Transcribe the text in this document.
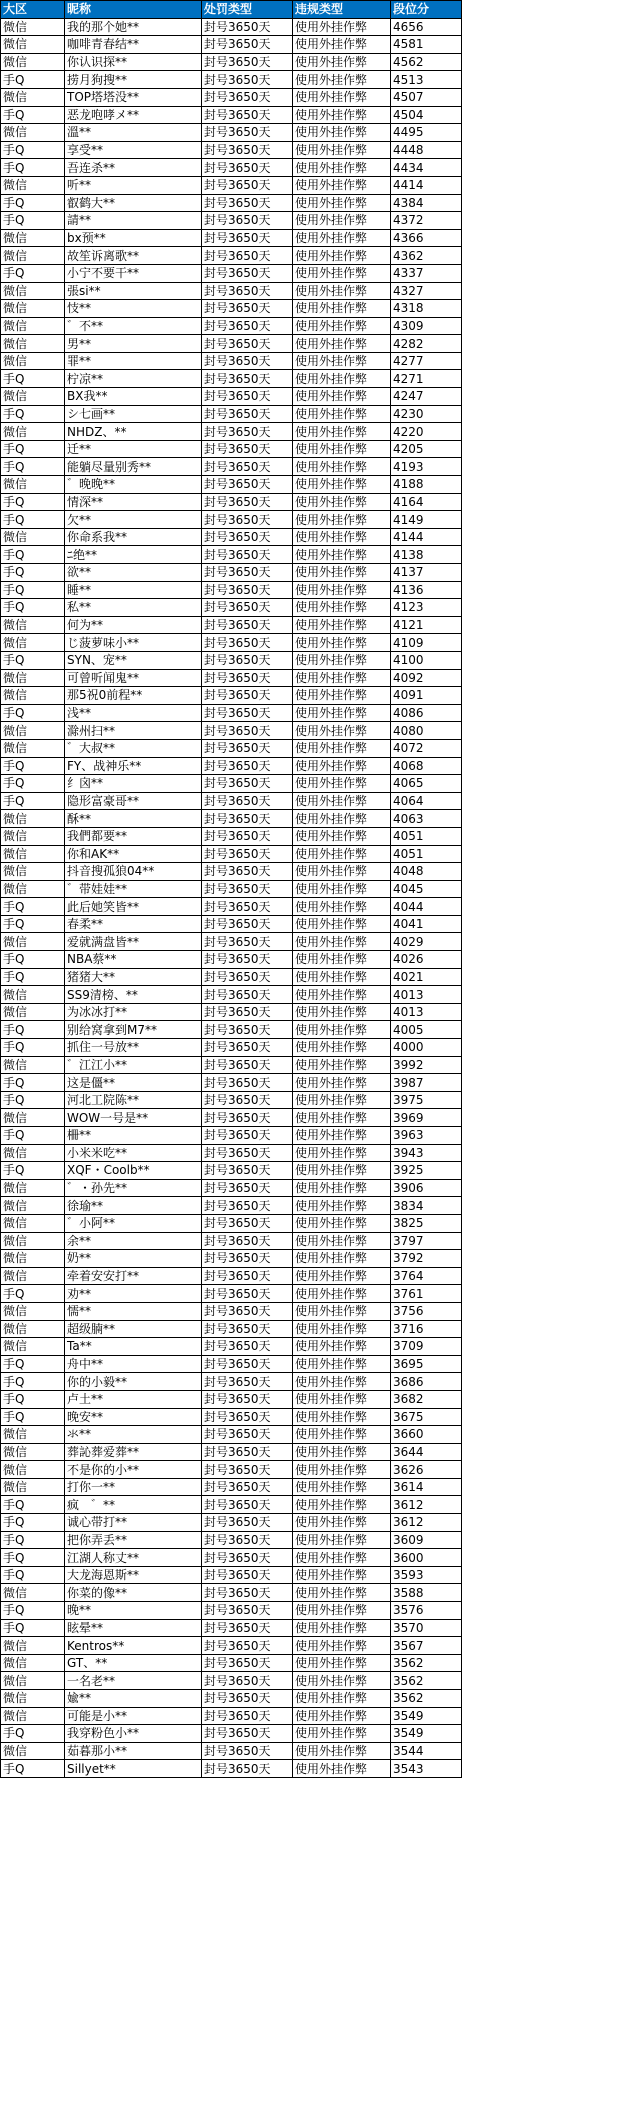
大区	昵称	处罚类型	违规类型	段位分
微信	我的那个她**	封号3650天	使用外挂作弊	4656
微信	咖啡青春结**	封号3650天	使用外挂作弊	4581
微信	你认识探**	封号3650天	使用外挂作弊	4562
手Q	捞月狗搜**	封号3650天	使用外挂作弊	4513
微信	TOP塔塔没**	封号3650天	使用外挂作弊	4507
手Q	恶龙咆哮メ**	封号3650天	使用外挂作弊	4504
微信	溫**	封号3650天	使用外挂作弊	4495
手Q	享受**	封号3650天	使用外挂作弊	4448
手Q	吾连杀**	封号3650天	使用外挂作弊	4434
微信	听**	封号3650天	使用外挂作弊	4414
手Q	叡鹤大**	封号3650天	使用外挂作弊	4384
手Q	請**	封号3650天	使用外挂作弊	4372
微信	bx预**	封号3650天	使用外挂作弊	4366
微信	故笙诉离歌**	封号3650天	使用外挂作弊	4362
手Q	小宁不要干**	封号3650天	使用外挂作弊	4337
微信	張si**	封号3650天	使用外挂作弊	4327
微信	忮**	封号3650天	使用外挂作弊	4318
微信	゛不**	封号3650天	使用外挂作弊	4309
微信	男**	封号3650天	使用外挂作弊	4282
微信	罪**	封号3650天	使用外挂作弊	4277
手Q	柠凉**	封号3650天	使用外挂作弊	4271
微信	BX我**	封号3650天	使用外挂作弊	4247
手Q	シ七画**	封号3650天	使用外挂作弊	4230
微信	NHDZ、**	封号3650天	使用外挂作弊	4220
手Q	迁**	封号3650天	使用外挂作弊	4205
手Q	能躺尽量别秀**	封号3650天	使用外挂作弊	4193
微信	゛晚晚**	封号3650天	使用外挂作弊	4188
手Q	情深**	封号3650天	使用外挂作弊	4164
手Q	欠**	封号3650天	使用外挂作弊	4149
微信	你命系我**	封号3650天	使用外挂作弊	4144
手Q	ﾆ绝**	封号3650天	使用外挂作弊	4138
手Q	欲**	封号3650天	使用外挂作弊	4137
手Q	睡**	封号3650天	使用外挂作弊	4136
手Q	私**	封号3650天	使用外挂作弊	4123
微信	何为**	封号3650天	使用外挂作弊	4121
微信	じ菠萝味小**	封号3650天	使用外挂作弊	4109
手Q	SYN、宠**	封号3650天	使用外挂作弊	4100
微信	可曾听闻鬼**	封号3650天	使用外挂作弊	4092
微信	那5祝0前程**	封号3650天	使用外挂作弊	4091
手Q	浅**	封号3650天	使用外挂作弊	4086
微信	滁州扫**	封号3650天	使用外挂作弊	4080
微信	゛大叔**	封号3650天	使用外挂作弊	4072
手Q	FY、战神乐**	封号3650天	使用外挂作弊	4068
手Q	纟囟**	封号3650天	使用外挂作弊	4065
手Q	隐形富豪哥**	封号3650天	使用外挂作弊	4064
微信	酥**	封号3650天	使用外挂作弊	4063
微信	我們都要**	封号3650天	使用外挂作弊	4051
微信	你和AK**	封号3650天	使用外挂作弊	4051
微信	抖音搜孤狼04**	封号3650天	使用外挂作弊	4048
微信	゛带娃娃**	封号3650天	使用外挂作弊	4045
手Q	此后她笑皆**	封号3650天	使用外挂作弊	4044
手Q	春柔**	封号3650天	使用外挂作弊	4041
微信	爱就满盘皆**	封号3650天	使用外挂作弊	4029
手Q	NBA蔡**	封号3650天	使用外挂作弊	4026
手Q	猪猪大**	封号3650天	使用外挂作弊	4021
微信	SS9清榜、**	封号3650天	使用外挂作弊	4013
微信	为冰冰打**	封号3650天	使用外挂作弊	4013
手Q	别给窝拿到M7**	封号3650天	使用外挂作弊	4005
手Q	抓住一号放**	封号3650天	使用外挂作弊	4000
微信	゛江江小**	封号3650天	使用外挂作弊	3992
手Q	这是僵**	封号3650天	使用外挂作弊	3987
手Q	河北工院陈**	封号3650天	使用外挂作弊	3975
微信	WOW一号是**	封号3650天	使用外挂作弊	3969
手Q	柵**	封号3650天	使用外挂作弊	3963
微信	小米米吃**	封号3650天	使用外挂作弊	3943
手Q	XQF・Coolb**	封号3650天	使用外挂作弊	3925
微信	゛・孙先**	封号3650天	使用外挂作弊	3906
微信	徐瑜**	封号3650天	使用外挂作弊	3834
微信	゛小阿**	封号3650天	使用外挂作弊	3825
微信	余**	封号3650天	使用外挂作弊	3797
微信	奶**	封号3650天	使用外挂作弊	3792
微信	牵着安安打**	封号3650天	使用外挂作弊	3764
手Q	劝**	封号3650天	使用外挂作弊	3761
微信	懦**	封号3650天	使用外挂作弊	3756
微信	超级腩**	封号3650天	使用外挂作弊	3716
微信	Ta**	封号3650天	使用外挂作弊	3709
手Q	舟中**	封号3650天	使用外挂作弊	3695
手Q	你的小毅**	封号3650天	使用外挂作弊	3686
手Q	卢土**	封号3650天	使用外挂作弊	3682
手Q	晚安**	封号3650天	使用外挂作弊	3675
微信	氺**	封号3650天	使用外挂作弊	3660
微信	葬訫葬爱葬**	封号3650天	使用外挂作弊	3644
微信	不是你的小**	封号3650天	使用外挂作弊	3626
微信	打你一**	封号3650天	使用外挂作弊	3614
手Q	疯　゛**	封号3650天	使用外挂作弊	3612
手Q	诚心带打**	封号3650天	使用外挂作弊	3612
手Q	把你弄丢**	封号3650天	使用外挂作弊	3609
手Q	江湖人称丈**	封号3650天	使用外挂作弊	3600
手Q	大龙海恩斯**	封号3650天	使用外挂作弊	3593
微信	你菜的像**	封号3650天	使用外挂作弊	3588
手Q	晚**	封号3650天	使用外挂作弊	3576
手Q	眩晕**	封号3650天	使用外挂作弊	3570
微信	Kentros**	封号3650天	使用外挂作弊	3567
微信	GT、**	封号3650天	使用外挂作弊	3562
微信	一名老**	封号3650天	使用外挂作弊	3562
微信	婾**	封号3650天	使用外挂作弊	3562
微信	可能是小**	封号3650天	使用外挂作弊	3549
手Q	我穿粉色小**	封号3650天	使用外挂作弊	3549
微信	茹暮那小**	封号3650天	使用外挂作弊	3544
手Q	Sillyet**	封号3650天	使用外挂作弊	3543
